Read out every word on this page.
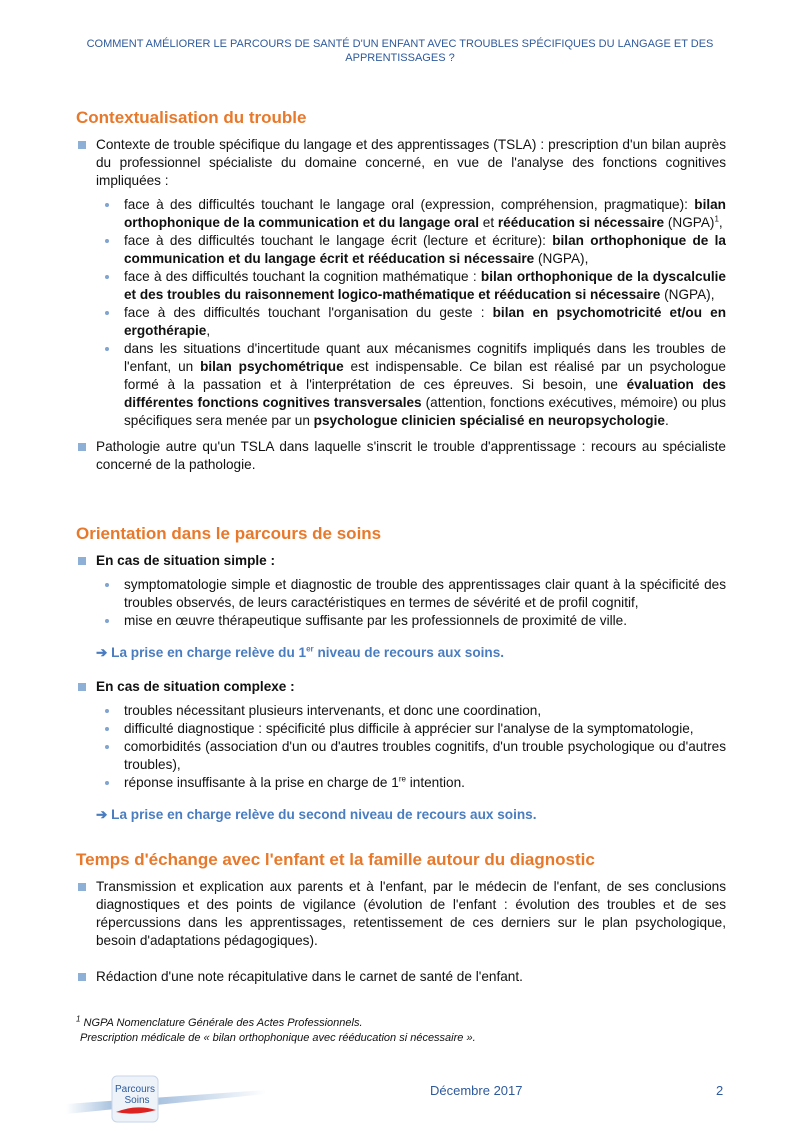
COMMENT AMÉLIORER LE PARCOURS DE SANTÉ D'UN ENFANT AVEC TROUBLES SPÉCIFIQUES DU LANGAGE ET DES APPRENTISSAGES ?
Contextualisation du trouble
Contexte de trouble spécifique du langage et des apprentissages (TSLA) : prescription d'un bilan auprès du professionnel spécialiste du domaine concerné, en vue de l'analyse des fonctions cognitives impliquées :
face à des difficultés touchant le langage oral (expression, compréhension, pragmatique): bilan orthophonique de la communication et du langage oral et rééducation si nécessaire (NGPA)$^1$,
face à des difficultés touchant le langage écrit (lecture et écriture): bilan orthophonique de la communication et du langage écrit et rééducation si nécessaire (NGPA),
face à des difficultés touchant la cognition mathématique : bilan orthophonique de la dyscalculie et des troubles du raisonnement logico-mathématique et rééducation si nécessaire (NGPA),
face à des difficultés touchant l'organisation du geste : bilan en psychomotricité et/ou en ergothérapie,
dans les situations d'incertitude quant aux mécanismes cognitifs impliqués dans les troubles de l'enfant, un bilan psychométrique est indispensable. Ce bilan est réalisé par un psychologue formé à la passation et à l'interprétation de ces épreuves. Si besoin, une évaluation des différentes fonctions cognitives transversales (attention, fonctions exécutives, mémoire) ou plus spécifiques sera menée par un psychologue clinicien spécialisé en neuropsychologie.
Pathologie autre qu'un TSLA dans laquelle s'inscrit le trouble d'apprentissage : recours au spécialiste concerné de la pathologie.
Orientation dans le parcours de soins
En cas de situation simple :
symptomatologie simple et diagnostic de trouble des apprentissages clair quant à la spécificité des troubles observés, de leurs caractéristiques en termes de sévérité et de profil cognitif,
mise en œuvre thérapeutique suffisante par les professionnels de proximité de ville.
➔ La prise en charge relève du 1er niveau de recours aux soins.
En cas de situation complexe :
troubles nécessitant plusieurs intervenants, et donc une coordination,
difficulté diagnostique : spécificité plus difficile à apprécier sur l'analyse de la symptomatologie,
comorbidités (association d'un ou d'autres troubles cognitifs, d'un trouble psychologique ou d'autres troubles),
réponse insuffisante à la prise en charge de 1re intention.
➔ La prise en charge relève du second niveau de recours aux soins.
Temps d'échange avec l'enfant et la famille autour du diagnostic
Transmission et explication aux parents et à l'enfant, par le médecin de l'enfant, de ses conclusions diagnostiques et des points de vigilance (évolution de l'enfant : évolution des troubles et de ses répercussions dans les apprentissages, retentissement de ces derniers sur le plan psychologique, besoin d'adaptations pédagogiques).
Rédaction d'une note récapitulative dans le carnet de santé de l'enfant.
$^1$ NGPA Nomenclature Générale des Actes Professionnels.
Prescription médicale de « bilan orthophonique avec rééducation si nécessaire ».
Parcours
Soins
Décembre 2017	2
